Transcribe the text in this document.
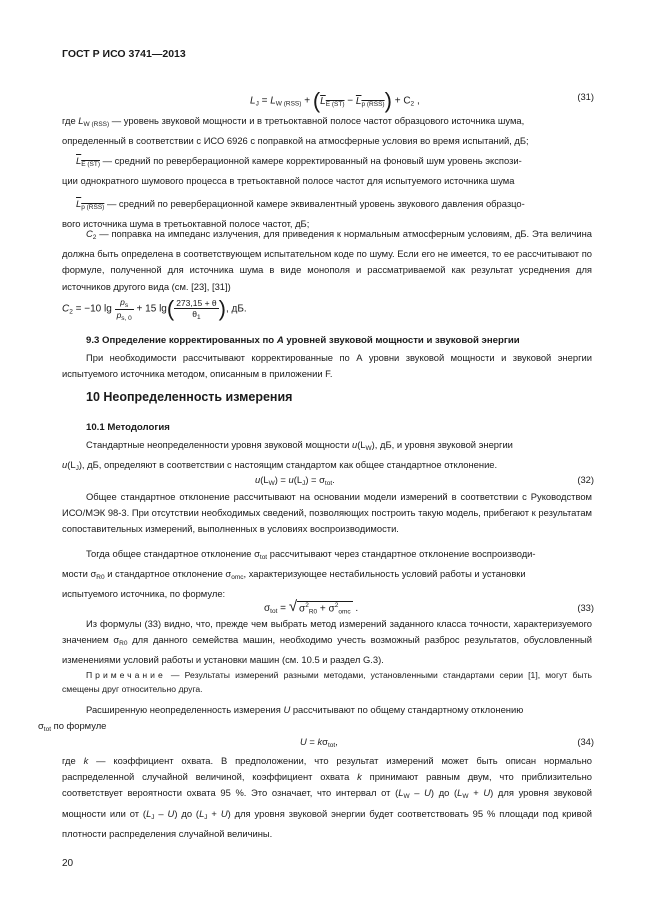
ГОСТ Р ИСО 3741—2013
$L_J = L_{W (RSS)} + (L_{E (ST)} - L_{p (RSS)}) + C_2$ ,	(31)
где $L_{W (RSS)}$ — уровень звуковой мощности и в третьоктавной полосе частот образцового источника шума,
определенный в соответствии с ИСО 6926 с поправкой на атмосферные условия во время испытаний, дБ;
$L_{E (ST)}$ — средний по реверберационной камере корректированный на фоновый шум уровень экспози-
ции однократного шумового процесса в третьоктавной полосе частот для испытуемого источника шума
$L_{p (RSS)}$ — средний по реверберационной камере эквивалентный уровень звукового давления образцо-
вого источника шума в третьоктавной полосе частот, дБ;
$C_2$ — поправка на импеданс излучения, для приведения к нормальным атмосферным условиям, дБ. Эта величина должна быть определена в соответствующем испытательном коде по шуму. Если его не имеется, то ее рассчитывают по формуле, полученной для источника шума в виде монополя и рассматриваемой как результат усреднения для источников другого вида (см. [23], [31])
$C_2 = -10$ $\lg \frac{p_s}{p_{s, 0}} + 15$ $\lg( \frac{273,15 + \theta}{\theta_1}$ ), дБ.
9.3 Определение корректированных по А уровней звуковой мощности и звуковой энергии
При необходимости рассчитывают корректированные по А уровни звуковой мощности и звуковой энергии испытуемого источника методом, описанным в приложении F.
10 Неопределенность измерения
10.1 Методология
Стандартные неопределенности уровня звуковой мощности $u(L_W)$, дБ, и уровня звуковой энергии
$u(L_J)$, дБ, определяют в соответствии с настоящим стандартом как общее стандартное отклонение.
$u(L_W) = u(L_J) = \sigma_{tot}$.	(32)
Общее стандартное отклонение рассчитывают на основании модели измерений в соответствии с Руководством ИСО/МЭК 98-3. При отсутствии необходимых сведений, позволяющих построить такую модель, прибегают к результатам сопоставительных измерений, выполненных в условиях воспроизводимости.
Тогда общее стандартное отклонение $\sigma_{tot}$ рассчитывают через стандартное отклонение воспроизводи-
мости $\sigma_{R0}$ и стандартное отклонение $\sigma_{omc}$, характеризующее нестабильность условий работы и установки
испытуемого источника, по формуле:
$\sigma_{tot}$ = √ $\sigma^2_{R0} + \sigma^2_{omc}$ .	(33)
Из формулы (33) видно, что, прежде чем выбрать метод измерений заданного класса точности, характеризуемого значением $\sigma_{R0}$ для данного семейства машин, необходимо учесть возможный разброс результатов, обусловленный изменениями условий работы и установки машин (см. 10.5 и раздел G.3).
Примечание — Результаты измерений разными методами, установленными стандартами серии [1], могут быть смещены друг относительно друга.
Расширенную неопределенность измерения U рассчитывают по общему стандартному отклонению
$\sigma_{tot}$ по формуле
$U = k\sigma_{tot}$,	(34)
где k — коэффициент охвата. В предположении, что результат измерений может быть описан нормально распределенной случайной величиной, коэффициент охвата k принимают равным двум, что приблизительно соответствует вероятности охвата 95 %. Это означает, что интервал от $(L_W - U)$ до $(L_W + U)$ для уровня звуковой мощности или от $(L_J - U)$ до $(L_J + U)$ для уровня звуковой энергии будет соответствовать 95 % площади под кривой плотности распределения случайной величины.
20
